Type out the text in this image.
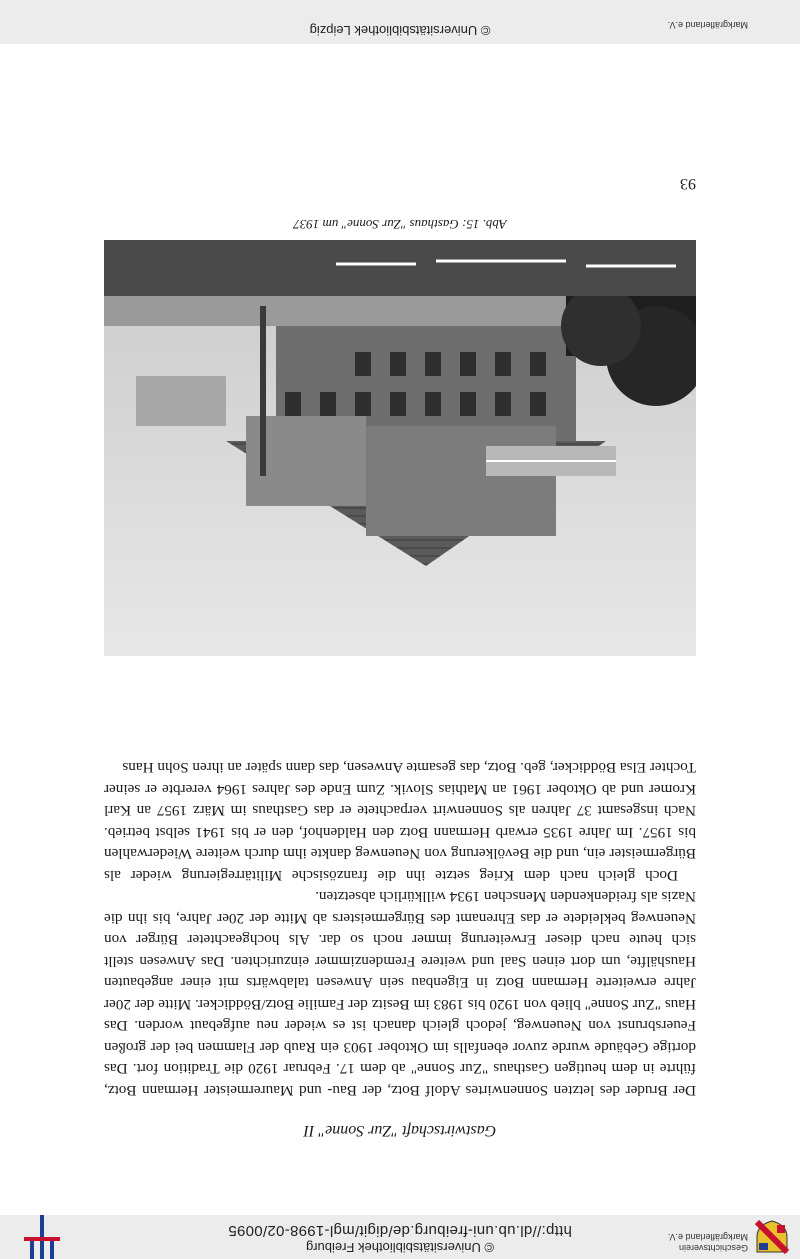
Geschichtsverein
Markgräflerland e.V.
© Universitätsbibliothek Freiburg
http://dl.ub.uni-freiburg.de/digit/mgl-1998-02/0095
Gastwirtschaft "Zur Sonne" II

Der Bruder des letzten Sonnenwirtes Adolf Botz, der Bau- und Maurermeister Hermann Botz, führte in dem heutigen Gasthaus "Zur Sonne" ab dem 17. Februar 1920 die Tradition fort. Das dortige Gebäude wurde zuvor ebenfalls im Oktober 1903 ein Raub der Flammen bei der großen Feuersbrunst von Neuenweg, jedoch gleich danach ist es wieder neu aufgebaut worden. Das Haus "Zur Sonne" blieb von 1920 bis 1983 im Besitz der Familie Botz/Böddicker. Mitte der 20er Jahre erweiterte Hermann Botz in Eigenbau sein Anwesen talabwärts mit einer angebauten Haushälfte, um dort einen Saal und weitere Fremdenzimmer einzurichten. Das Anwesen stellt sich heute nach dieser Erweiterung immer noch so dar. Als hochgeachteter Bürger von Neuenweg bekleidete er das Ehrenamt des Bürgermeisters ab Mitte der 20er Jahre, bis ihn die Nazis als freidenkenden Menschen 1934 willkürlich absetzten.

Doch gleich nach dem Krieg setzte ihn die französische Militärregierung wieder als Bürgermeister ein, und die Bevölkerung von Neuenweg dankte ihm durch weitere Wiederwahlen bis 1957. Im Jahre 1935 erwarb Hermann Botz den Haldenhof, den er bis 1941 selbst betrieb. Nach insgesamt 37 Jahren als Sonnenwirt verpachtete er das Gasthaus im März 1957 an Karl Kromer und ab Oktober 1961 an Mathias Slovik. Zum Ende des Jahres 1964 vererbte er seiner Tochter Elsa Böddicker, geb. Botz, das gesamte Anwesen, das dann später an ihren Sohn Hans

Abb. 15: Gasthaus "Zur Sonne" um 1937
93
© Universitätsbibliothek Leipzig	Markgräflerland e.V.
